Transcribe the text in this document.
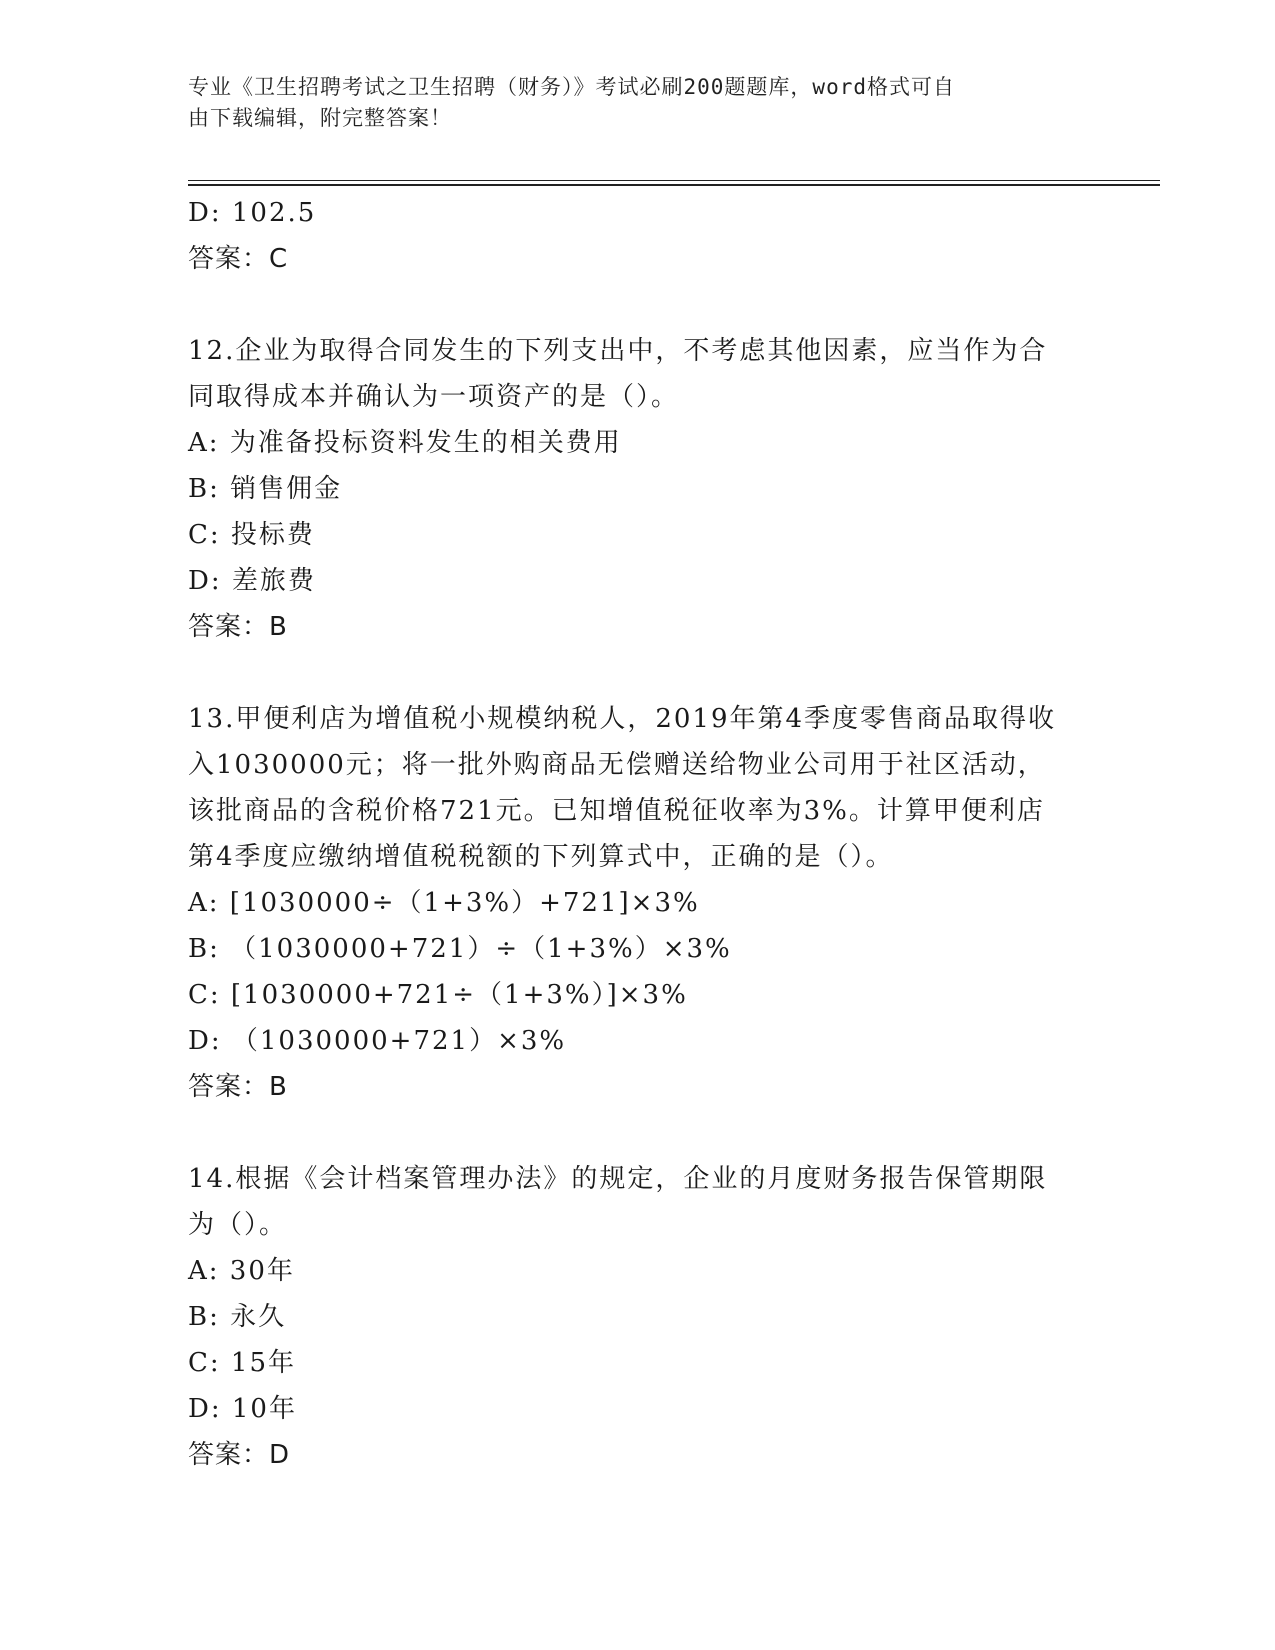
专业《卫生招聘考试之卫生招聘（财务）》考试必刷200题题库，word格式可自
由下载编辑，附完整答案！
D: 102.5
答案：C
12.企业为取得合同发生的下列支出中，不考虑其他因素，应当作为合
同取得成本并确认为一项资产的是（）。
A: 为准备投标资料发生的相关费用
B: 销售佣金
C: 投标费
D: 差旅费
答案：B
13.甲便利店为增值税小规模纳税人，2019年第4季度零售商品取得收
入1030000元；将一批外购商品无偿赠送给物业公司用于社区活动，
该批商品的含税价格721元。已知增值税征收率为3%。计算甲便利店
第4季度应缴纳增值税税额的下列算式中，正确的是（）。
A: [1030000÷（1+3%）+721]×3%
B: （1030000+721）÷（1+3%）×3%
C: [1030000+721÷（1+3%）]×3%
D: （1030000+721）×3%
答案：B
14.根据《会计档案管理办法》的规定，企业的月度财务报告保管期限
为（）。
A: 30年
B: 永久
C: 15年
D: 10年
答案：D
